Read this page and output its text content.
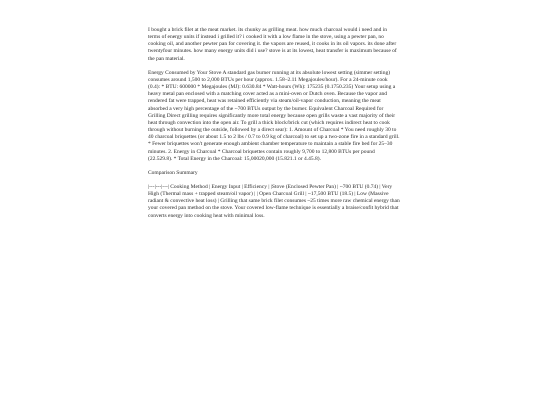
I bought a brick filet at the meat market. its chunky as grilling meat. how much charcoal would i need and in terms of energy units if instead i grilled it? i cooked it with a low flame in the stove, using a pewter pan, no cooking oil, and another pewter pan for covering it. the vapors are reused, it cooks in its oil vapors. its done after twentyfour minutes. how many energy units did i use? stove is at its lowest, heat transfer is maximum because of the pan material.

Energy Consumed by Your Stove A standard gas burner running at its absolute lowest setting (simmer setting) consumes around 1,500 to 2,000 BTUs per hour (approx. 1.58–2.11 Megajoules/hour). For a 24-minute cook (0.4): * BTU: 600000 * Megajoules (MJ): 0.630.84 * Watt-hours (Wh): 175235 (0.1750.235) Your setup using a heavy metal pan enclosed with a matching cover acted as a mini-oven or Dutch oven. Because the vapor and rendered fat were trapped, heat was retained efficiently via steam/oil-vapor conduction, meaning the meat absorbed a very high percentage of the ~700 BTUs output by the burner. Equivalent Charcoal Required for Grilling Direct grilling requires significantly more total energy because open grills waste a vast majority of their heat through convection into the open air. To grill a thick block/brick cut (which requires indirect heat to cook through without burning the outside, followed by a direct sear): 1. Amount of Charcoal * You need roughly 30 to 40 charcoal briquettes (or about 1.5 to 2 lbs / 0.7 to 0.9 kg of charcoal) to set up a two-zone fire in a standard grill. * Fewer briquettes won't generate enough ambient chamber temperature to maintain a stable fire bed for 25–30 minutes. 2. Energy in Charcoal * Charcoal briquettes contain roughly 9,700 to 12,800 BTUs per pound (22.529.8). * Total Energy in the Charcoal: 15,00020,000 (15.821.1 or 4.45.8).

Comparison Summary

|---|---|---| Cooking Method | Energy Input | Efficiency | |Stove (Enclosed Pewter Pan) | ~700 BTU (0.74) | Very High (Thermal mass + trapped steam/oil vapor) | | Open Charcoal Grill | ~17,500 BTU (18.5) | Low (Massive radiant & convective heat loss) | Grilling that same brick filet consumes ~25 times more raw chemical energy than your covered pan method on the stove. Your covered low-flame technique is essentially a braise/confit hybrid that converts energy into cooking heat with minimal loss.
